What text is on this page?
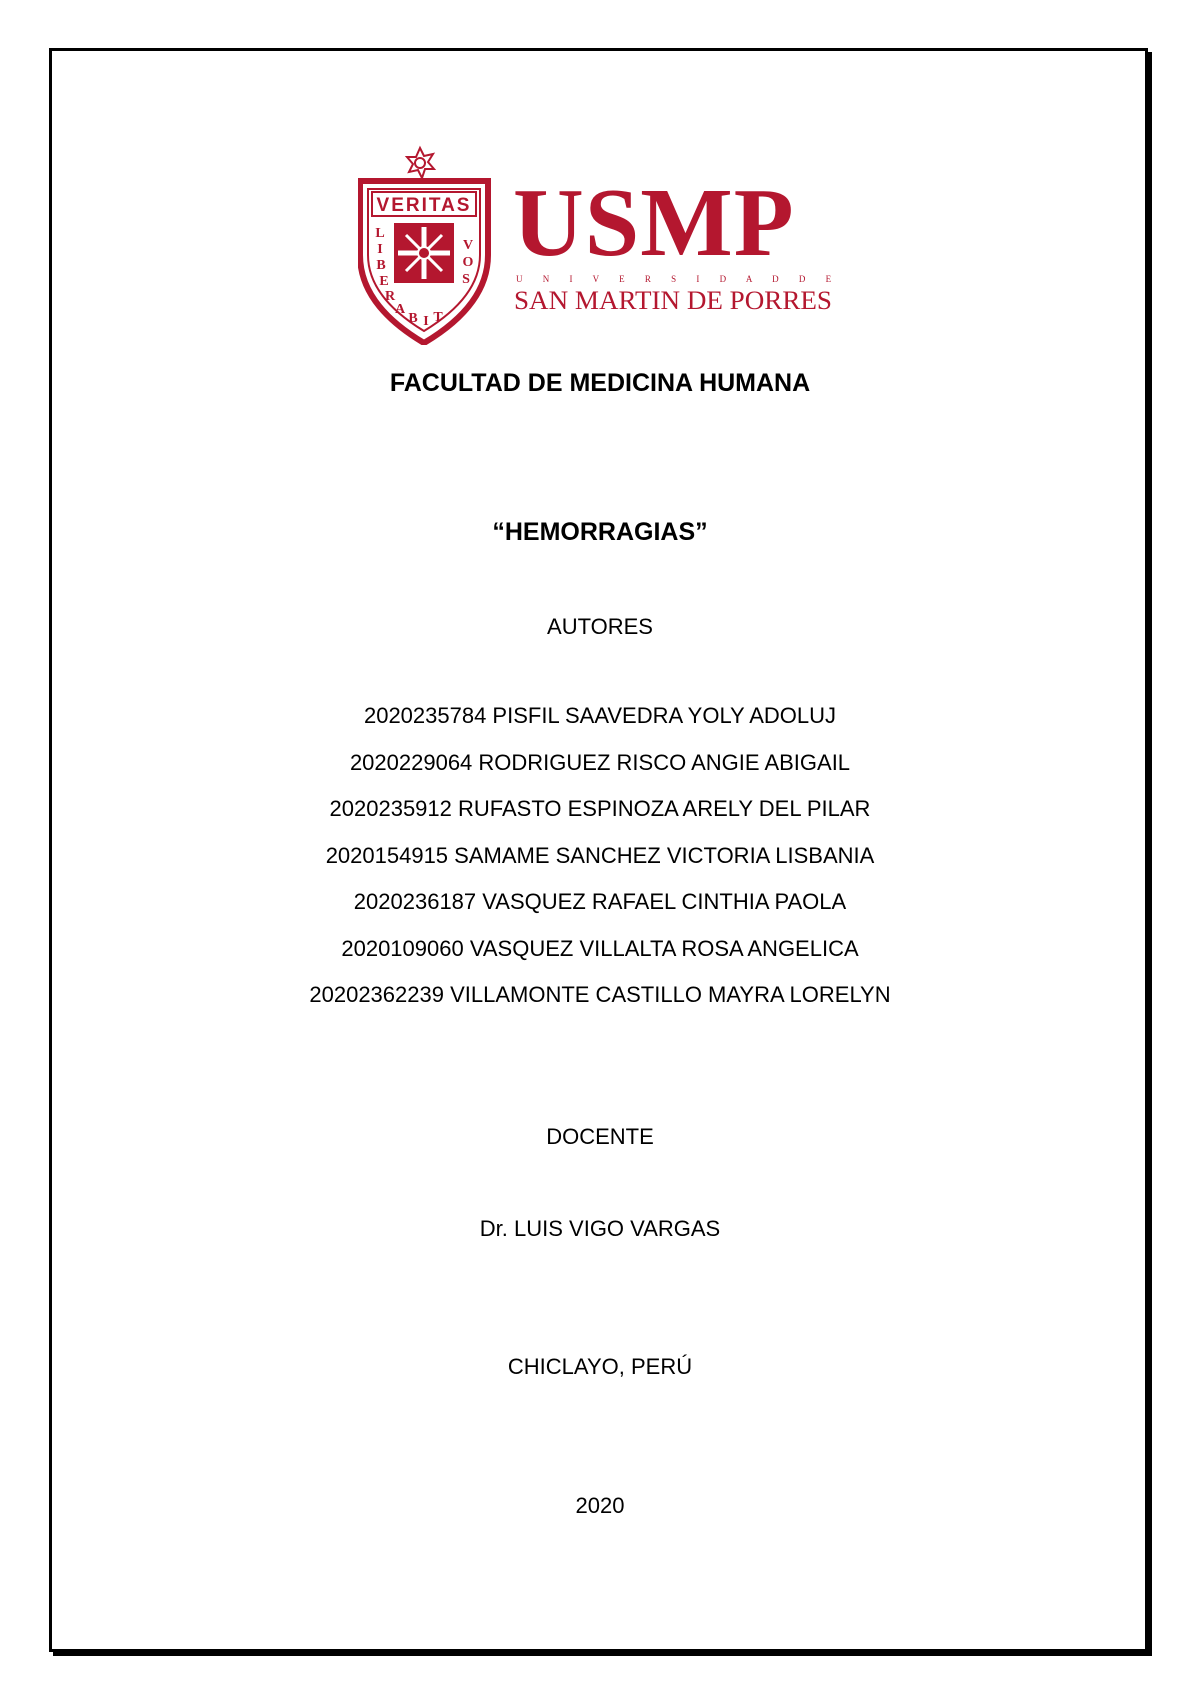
VERITAS
L
I
B
E
R
A
B I T
V
O
S
USMP
U N I V E R S I D A D D E
SAN MARTIN DE PORRES
FACULTAD DE MEDICINA HUMANA
“HEMORRAGIAS”
AUTORES
2020235784 PISFIL SAAVEDRA YOLY ADOLUJ
2020229064 RODRIGUEZ RISCO ANGIE ABIGAIL
2020235912 RUFASTO ESPINOZA ARELY DEL PILAR
2020154915 SAMAME SANCHEZ VICTORIA LISBANIA
2020236187 VASQUEZ RAFAEL CINTHIA PAOLA
2020109060 VASQUEZ VILLALTA ROSA ANGELICA
20202362239 VILLAMONTE CASTILLO MAYRA LORELYN
DOCENTE
Dr. LUIS VIGO VARGAS
CHICLAYO, PERÚ
2020
